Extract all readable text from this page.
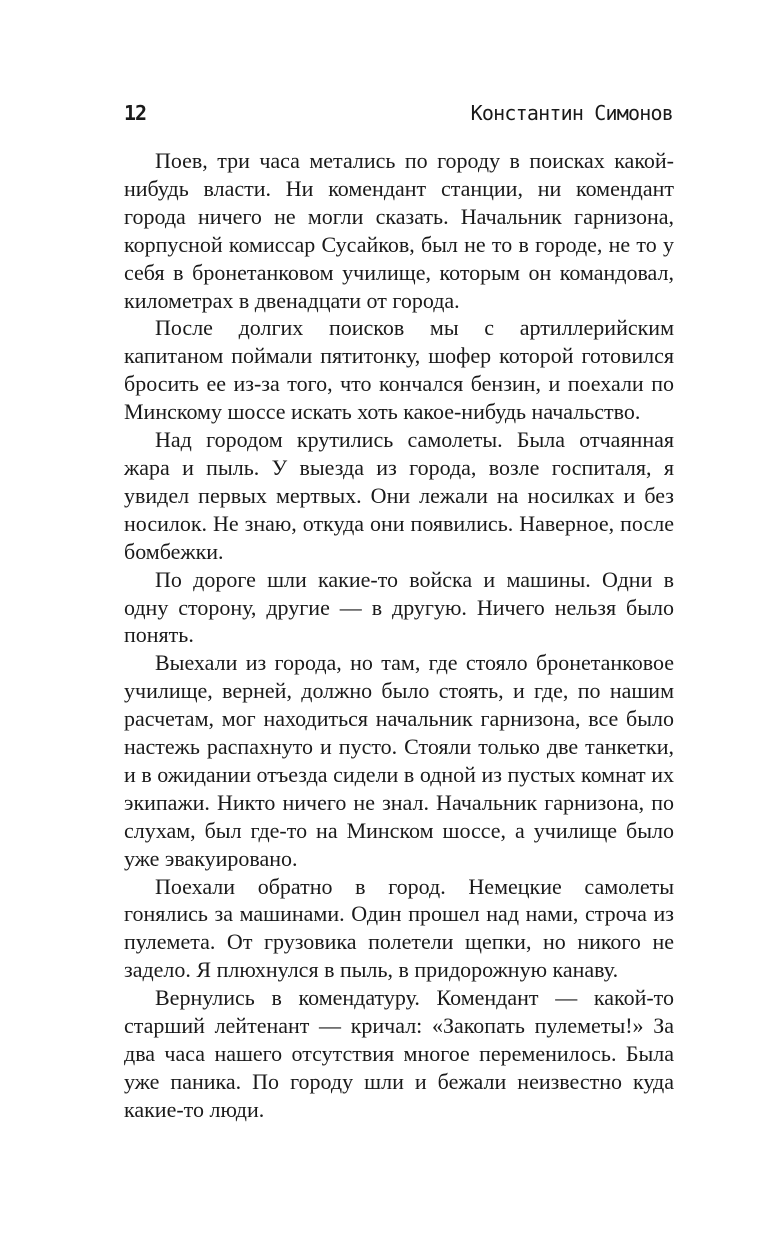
12	Константин Симонов

Поев, три часа метались по городу в поисках какой-нибудь власти. Ни комендант станции, ни комендант города ничего не могли сказать. Начальник гарнизона, корпусной комиссар Сусайков, был не то в городе, не то у себя в бронетанковом училище, которым он командовал, километрах в двенадцати от города.

После долгих поисков мы с артиллерийским капитаном поймали пятитонку, шофер которой готовился бросить ее из-за того, что кончался бензин, и поехали по Минскому шоссе искать хоть какое-нибудь начальство.

Над городом крутились самолеты. Была отчаянная жара и пыль. У выезда из города, возле госпиталя, я увидел первых мертвых. Они лежали на носилках и без носилок. Не знаю, откуда они появились. Наверное, после бомбежки.

По дороге шли какие-то войска и машины. Одни в одну сторону, другие — в другую. Ничего нельзя было понять.

Выехали из города, но там, где стояло бронетанковое училище, верней, должно было стоять, и где, по нашим расчетам, мог находиться начальник гарнизона, все было настежь распахнуто и пусто. Стояли только две танкетки, и в ожидании отъезда сидели в одной из пустых комнат их экипажи. Никто ничего не знал. Начальник гарнизона, по слухам, был где-то на Минском шоссе, а училище было уже эвакуировано.

Поехали обратно в город. Немецкие самолеты гонялись за машинами. Один прошел над нами, строча из пулемета. От грузовика полетели щепки, но никого не задело. Я плюхнулся в пыль, в придорожную канаву.

Вернулись в комендатуру. Комендант — какой-то старший лейтенант — кричал: «Закопать пулеметы!» За два часа нашего отсутствия многое переменилось. Была уже паника. По городу шли и бежали неизвестно куда какие-то люди.
